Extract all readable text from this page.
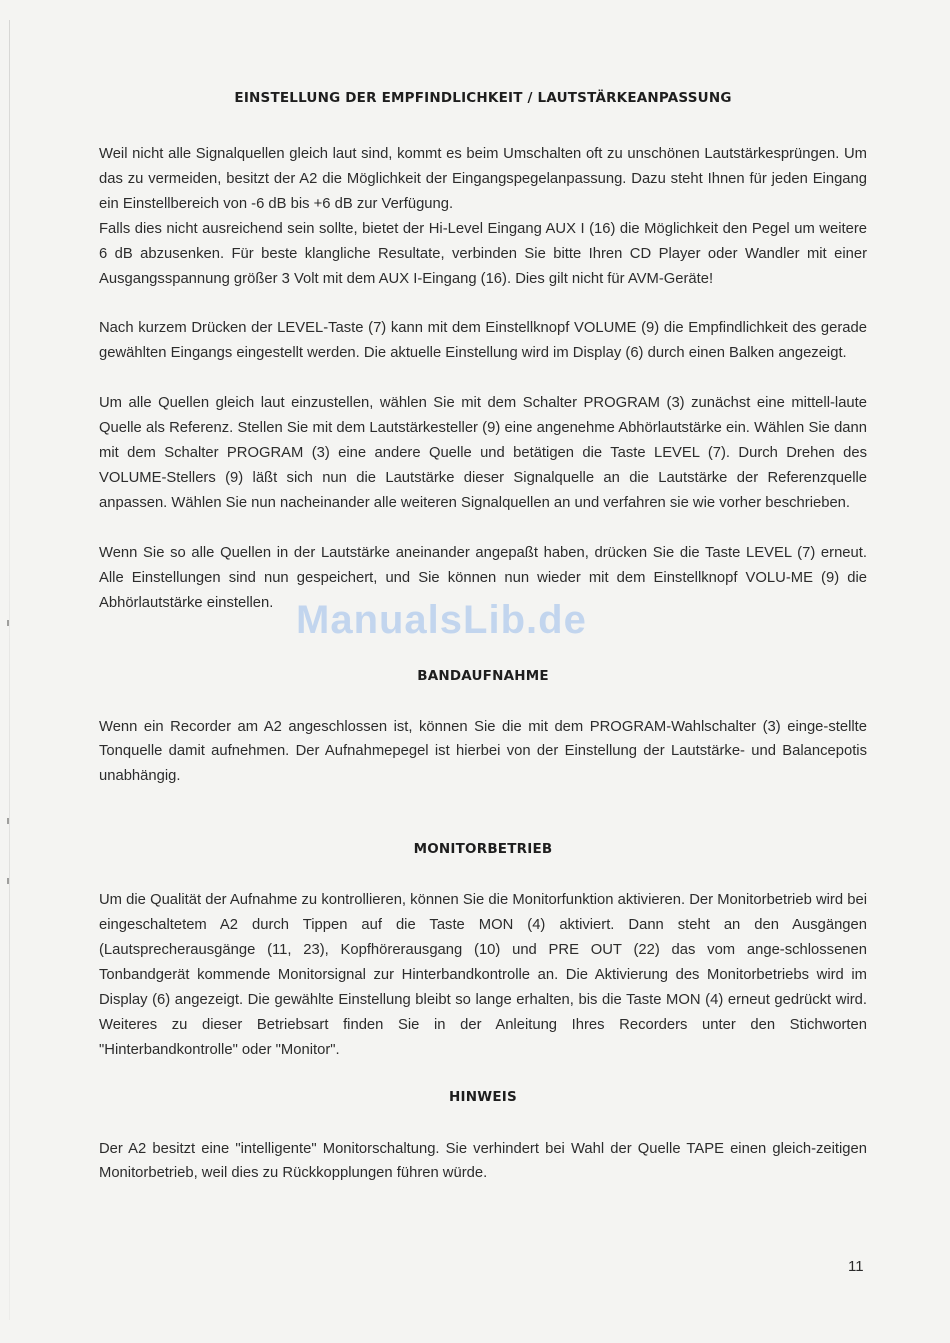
EINSTELLUNG DER EMPFINDLICHKEIT / LAUTSTÄRKEANPASSUNG

Weil nicht alle Signalquellen gleich laut sind, kommt es beim Umschalten oft zu unschönen Lautstärkesprüngen. Um das zu vermeiden, besitzt der A2 die Möglichkeit der Eingangspegelanpassung. Dazu steht Ihnen für jeden Eingang ein Einstellbereich von -6 dB bis +6 dB zur Verfügung.

Falls dies nicht ausreichend sein sollte, bietet der Hi-Level Eingang AUX I (16) die Möglichkeit den Pegel um weitere 6 dB abzusenken. Für beste klangliche Resultate, verbinden Sie bitte Ihren CD Player oder Wandler mit einer Ausgangsspannung größer 3 Volt mit dem AUX I-Eingang (16). Dies gilt nicht für AVM-Geräte!

Nach kurzem Drücken der LEVEL-Taste (7) kann mit dem Einstellknopf VOLUME (9) die Empfindlichkeit des gerade gewählten Eingangs eingestellt werden. Die aktuelle Einstellung wird im Display (6) durch einen Balken angezeigt.

Um alle Quellen gleich laut einzustellen, wählen Sie mit dem Schalter PROGRAM (3) zunächst eine mittell-laute Quelle als Referenz. Stellen Sie mit dem Lautstärkesteller (9) eine angenehme Abhörlautstärke ein. Wählen Sie dann mit dem Schalter PROGRAM (3) eine andere Quelle und betätigen die Taste LEVEL (7). Durch Drehen des VOLUME-Stellers (9) läßt sich nun die Lautstärke dieser Signalquelle an die Lautstärke der Referenzquelle anpassen. Wählen Sie nun nacheinander alle weiteren Signalquellen an und verfahren sie wie vorher beschrieben.

Wenn Sie so alle Quellen in der Lautstärke aneinander angepaßt haben, drücken Sie die Taste LEVEL (7) erneut. Alle Einstellungen sind nun gespeichert, und Sie können nun wieder mit dem Einstellknopf VOLU-ME (9) die Abhörlautstärke einstellen.

BANDAUFNAHME

Wenn ein Recorder am A2 angeschlossen ist, können Sie die mit dem PROGRAM-Wahlschalter (3) einge-stellte Tonquelle damit aufnehmen. Der Aufnahmepegel ist hierbei von der Einstellung der Lautstärke- und Balancepotis unabhängig.

MONITORBETRIEB

Um die Qualität der Aufnahme zu kontrollieren, können Sie die Monitorfunktion aktivieren. Der Monitorbetrieb wird bei eingeschaltetem A2 durch Tippen auf die Taste MON (4) aktiviert. Dann steht an den Ausgängen (Lautsprecherausgänge (11, 23), Kopfhörerausgang (10) und PRE OUT (22) das vom ange-schlossenen Tonbandgerät kommende Monitorsignal zur Hinterbandkontrolle an. Die Aktivierung des Monitorbetriebs wird im Display (6) angezeigt. Die gewählte Einstellung bleibt so lange erhalten, bis die Taste MON (4) erneut gedrückt wird. Weiteres zu dieser Betriebsart finden Sie in der Anleitung Ihres Recorders unter den Stichworten "Hinterbandkontrolle" oder "Monitor".

HINWEIS

Der A2 besitzt eine "intelligente" Monitorschaltung. Sie verhindert bei Wahl der Quelle TAPE einen gleich-zeitigen Monitorbetrieb, weil dies zu Rückkopplungen führen würde.

ManualsLib.de
11
